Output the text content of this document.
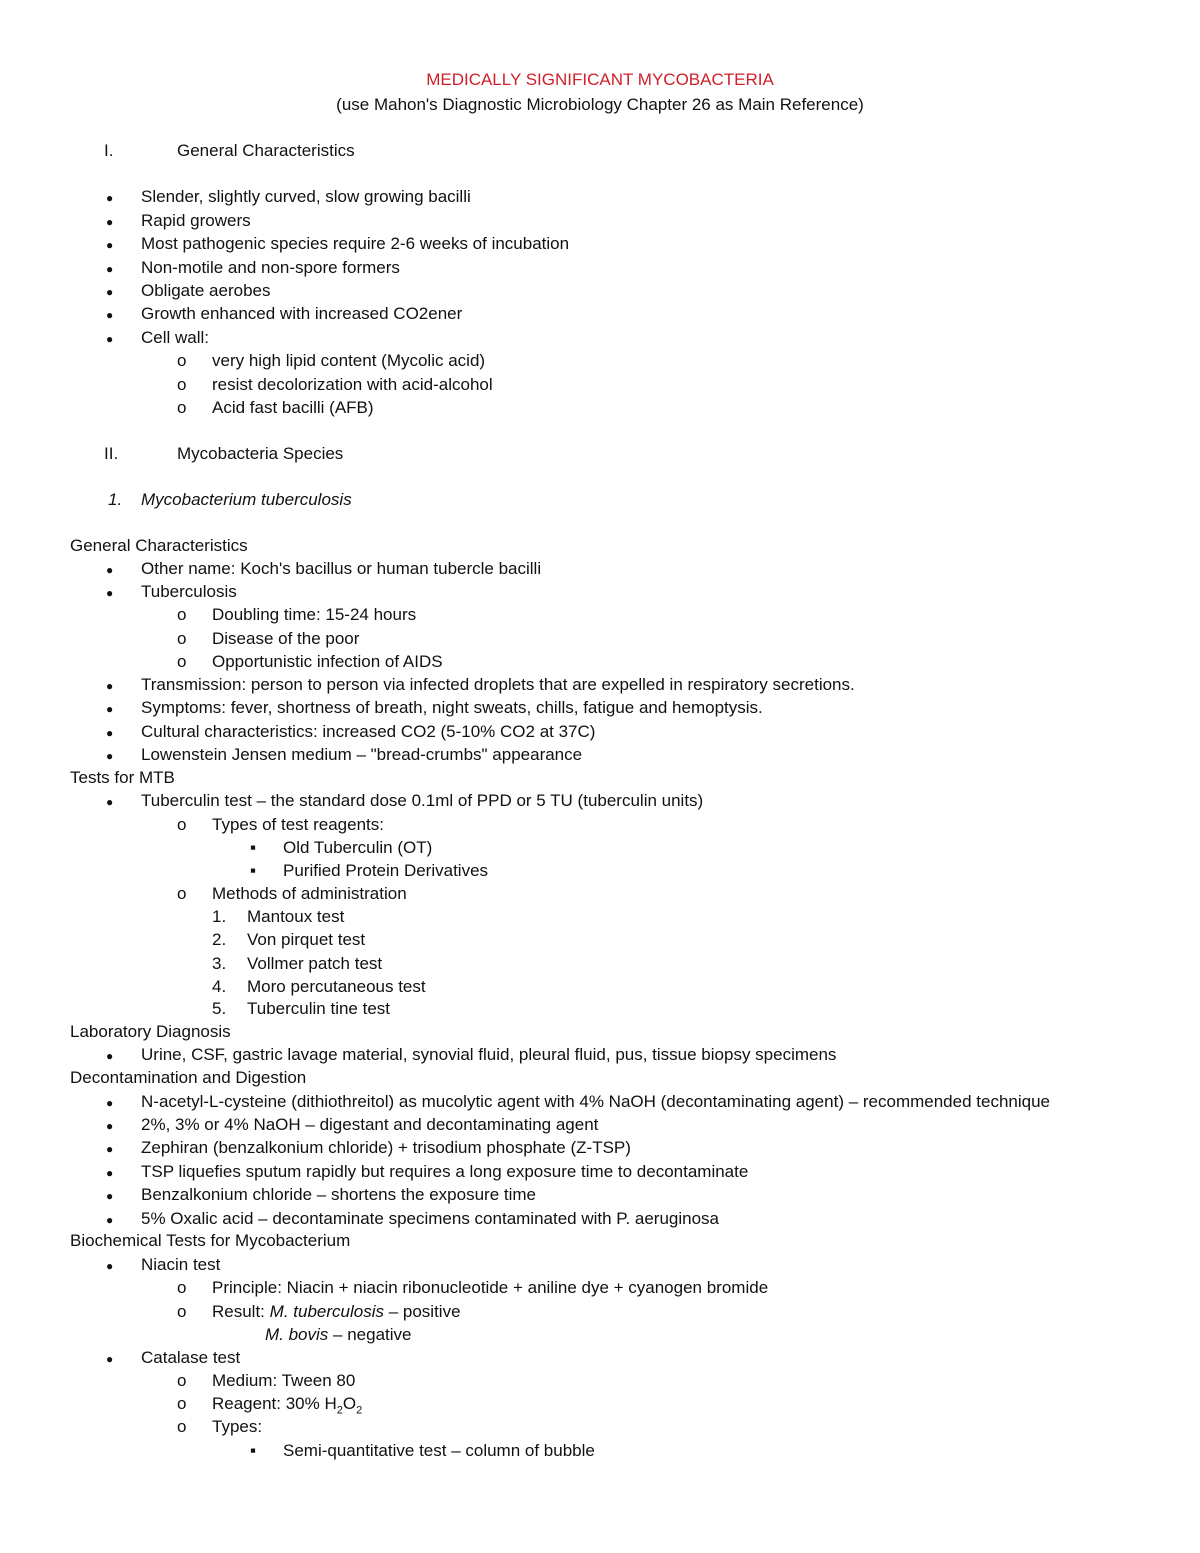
MEDICALLY SIGNIFICANT MYCOBACTERIA
(use Mahon's Diagnostic Microbiology Chapter 26 as Main Reference)
I.	General Characteristics
● Slender, slightly curved, slow growing bacilli
● Rapid growers
● Most pathogenic species require 2-6 weeks of incubation
● Non-motile and non-spore formers
● Obligate aerobes
● Growth enhanced with increased CO2ener
● Cell wall:
o very high lipid content (Mycolic acid)
o resist decolorization with acid-alcohol
o Acid fast bacilli (AFB)
II.	Mycobacteria Species
1. Mycobacterium tuberculosis
General Characteristics
● Other name: Koch's bacillus or human tubercle bacilli
● Tuberculosis
o Doubling time: 15-24 hours
o Disease of the poor
o Opportunistic infection of AIDS
● Transmission: person to person via infected droplets that are expelled in respiratory secretions.
● Symptoms: fever, shortness of breath, night sweats, chills, fatigue and hemoptysis.
● Cultural characteristics: increased CO2 (5-10% CO2 at 37C)
● Lowenstein Jensen medium – "bread-crumbs" appearance
Tests for MTB
● Tuberculin test – the standard dose 0.1ml of PPD or 5 TU (tuberculin units)
o Types of test reagents:
▪ Old Tuberculin (OT)
▪ Purified Protein Derivatives
o Methods of administration
1. Mantoux test
2. Von pirquet test
3. Vollmer patch test
4. Moro percutaneous test
5. Tuberculin tine test
Laboratory Diagnosis
● Urine, CSF, gastric lavage material, synovial fluid, pleural fluid, pus, tissue biopsy specimens
Decontamination and Digestion
● N-acetyl-L-cysteine (dithiothreitol) as mucolytic agent with 4% NaOH (decontaminating agent) – recommended technique
● 2%, 3% or 4% NaOH – digestant and decontaminating agent
● Zephiran (benzalkonium chloride) + trisodium phosphate (Z-TSP)
● TSP liquefies sputum rapidly but requires a long exposure time to decontaminate
● Benzalkonium chloride – shortens the exposure time
● 5% Oxalic acid – decontaminate specimens contaminated with P. aeruginosa
Biochemical Tests for Mycobacterium
● Niacin test
o Principle: Niacin + niacin ribonucleotide + aniline dye + cyanogen bromide
o Result: M. tuberculosis – positive
M. bovis – negative
● Catalase test
o Medium: Tween 80
o Reagent: 30% $H_2O_2$
o Types:
▪ Semi-quantitative test – column of bubble
